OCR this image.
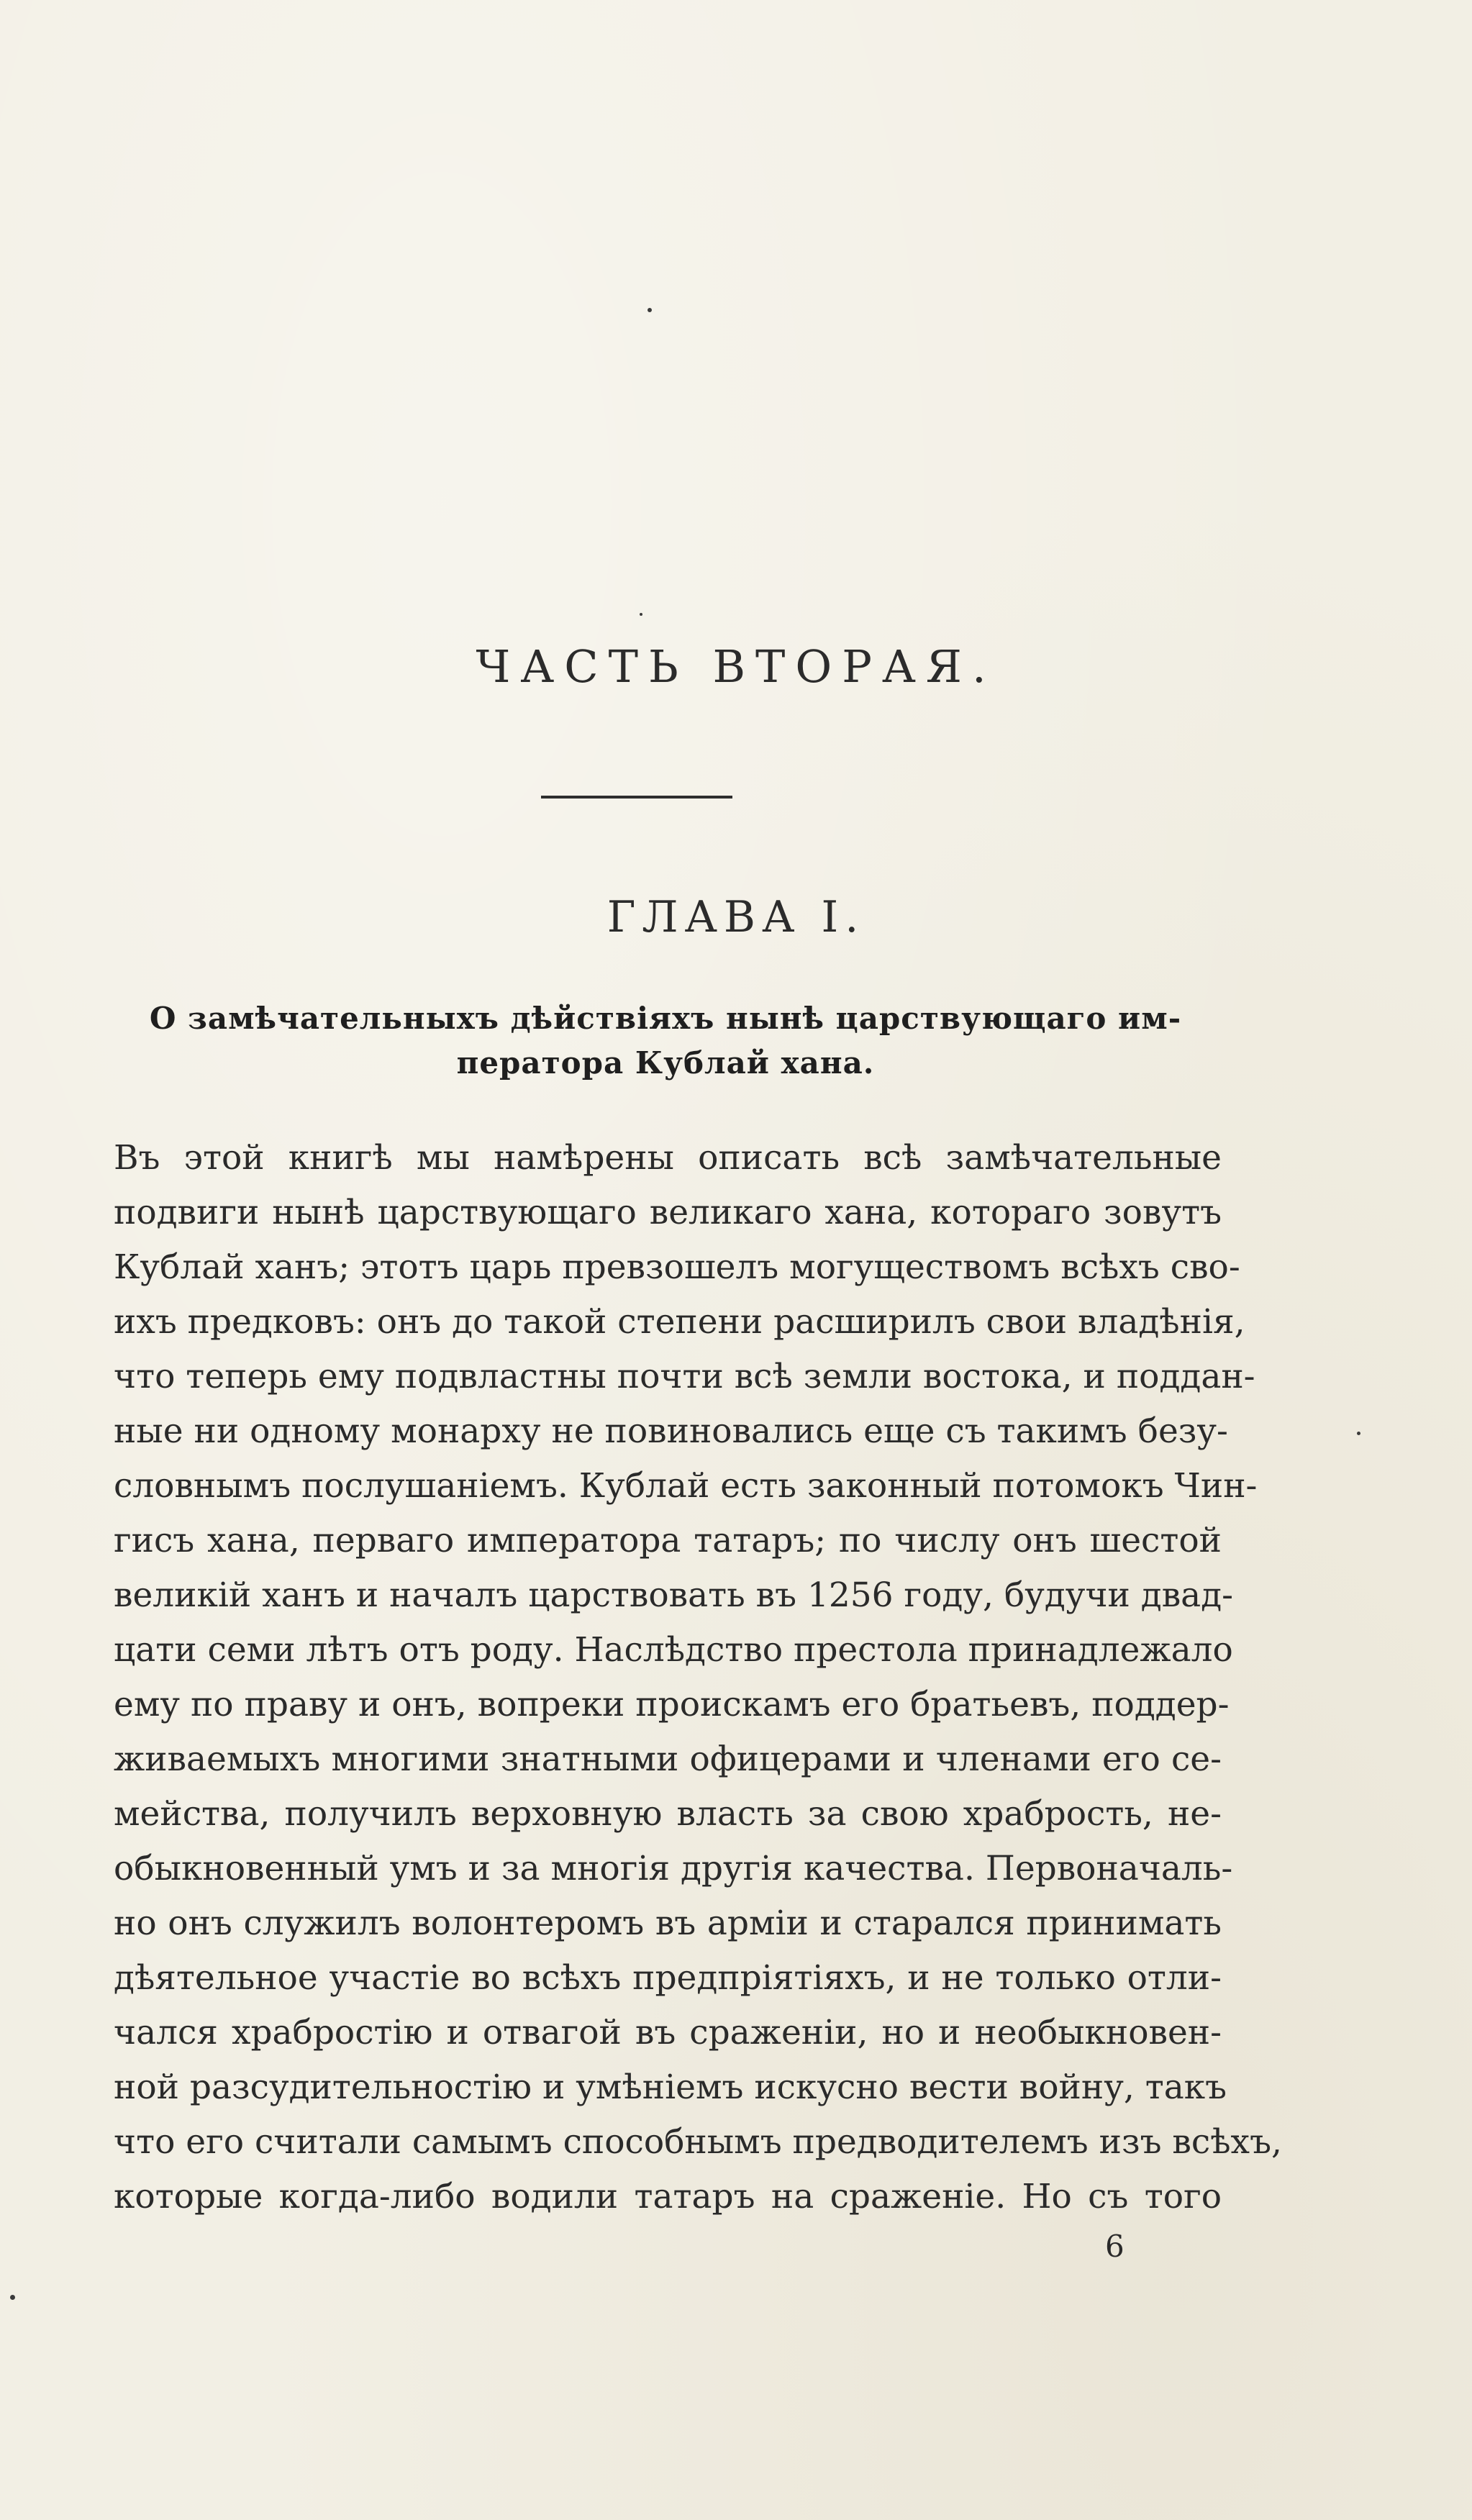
ЧАСТЬ ВТОРАЯ.
ГЛАВА I.
О замѣчательныхъ дѣйствіяхъ нынѣ царствующаго им-
ператора Кублай хана.
Въ этой книгѣ мы намѣрены описать всѣ замѣчательные
подвиги нынѣ царствующаго великаго хана, котораго зовутъ
Кублай ханъ; этотъ царь превзошелъ могуществомъ всѣхъ сво-
ихъ предковъ: онъ до такой степени расширилъ свои владѣнія,
что теперь ему подвластны почти всѣ земли востока, и поддан-
ные ни одному монарху не повиновались еще съ такимъ безу-
словнымъ послушаніемъ. Кублай есть законный потомокъ Чин-
гисъ хана, перваго императора татаръ; по числу онъ шестой
великій ханъ и началъ царствовать въ 1256 году, будучи двад-
цати семи лѣтъ отъ роду. Наслѣдство престола принадлежало
ему по праву и онъ, вопреки проискамъ его братьевъ, поддер-
живаемыхъ многими знатными офицерами и членами его се-
мейства, получилъ верховную власть за свою храбрость, не-
обыкновенный умъ и за многія другія качества. Первоначаль-
но онъ служилъ волонтеромъ въ арміи и старался принимать
дѣятельное участіе во всѣхъ предпріятіяхъ, и не только отли-
чался храбростію и отвагой въ сраженіи, но и необыкновен-
ной разсудительностію и умѣніемъ искусно вести войну, такъ
что его считали самымъ способнымъ предводителемъ изъ всѣхъ,
которые когда-либо водили татаръ на сраженіе. Но съ того
6
